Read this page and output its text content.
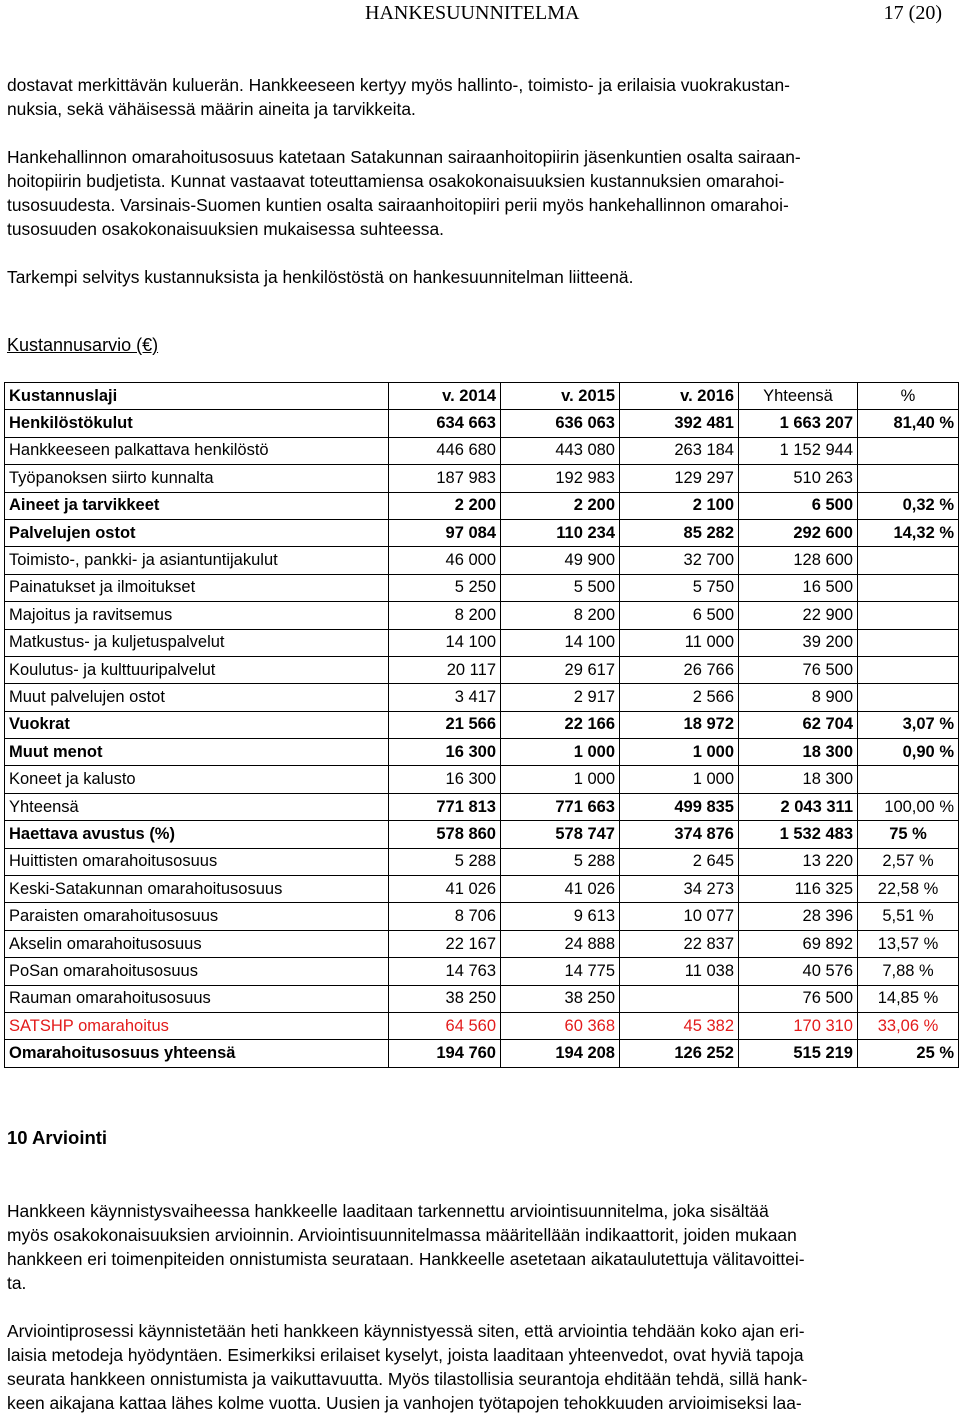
HANKESUUNNITELMA	17 (20)

dostavat merkittävän kuluerän. Hankkeeseen kertyy myös hallinto-, toimisto- ja erilaisia vuokrakustan-
nuksia, sekä vähäisessä määrin aineita ja tarvikkeita.

Hankehallinnon omarahoitusosuus katetaan Satakunnan sairaanhoitopiirin jäsenkuntien osalta sairaan-
hoitopiirin budjetista. Kunnat vastaavat toteuttamiensa osakokonaisuuksien kustannuksien omarahoi-
tusosuudesta. Varsinais-Suomen kuntien osalta sairaanhoitopiiri perii myös hankehallinnon omarahoi-
tusosuuden osakokonaisuuksien mukaisessa suhteessa.

Tarkempi selvitys kustannuksista ja henkilöstöstä on hankesuunnitelman liitteenä.

Kustannusarvio (€)
Kustannuslaji	v. 2014	v. 2015	v. 2016	Yhteensä	%
Henkilöstökulut	634 663	636 063	392 481	1 663 207	81,40 %
Hankkeeseen palkattava henkilöstö	446 680	443 080	263 184	1 152 944	
Työpanoksen siirto kunnalta	187 983	192 983	129 297	510 263	
Aineet ja tarvikkeet	2 200	2 200	2 100	6 500	0,32 %
Palvelujen ostot	97 084	110 234	85 282	292 600	14,32 %
Toimisto-, pankki- ja asiantuntijakulut	46 000	49 900	32 700	128 600	
Painatukset ja ilmoitukset	5 250	5 500	5 750	16 500	
Majoitus ja ravitsemus	8 200	8 200	6 500	22 900	
Matkustus- ja kuljetuspalvelut	14 100	14 100	11 000	39 200	
Koulutus- ja kulttuuripalvelut	20 117	29 617	26 766	76 500	
Muut palvelujen ostot	3 417	2 917	2 566	8 900	
Vuokrat	21 566	22 166	18 972	62 704	3,07 %
Muut menot	16 300	1 000	1 000	18 300	0,90 %
Koneet ja kalusto	16 300	1 000	1 000	18 300	
Yhteensä	771 813	771 663	499 835	2 043 311	100,00 %
Haettava avustus (%)	578 860	578 747	374 876	1 532 483	75 %
Huittisten omarahoitusosuus	5 288	5 288	2 645	13 220	2,57 %
Keski-Satakunnan omarahoitusosuus	41 026	41 026	34 273	116 325	22,58 %
Paraisten omarahoitusosuus	8 706	9 613	10 077	28 396	5,51 %
Akselin omarahoitusosuus	22 167	24 888	22 837	69 892	13,57 %
PoSan omarahoitusosuus	14 763	14 775	11 038	40 576	7,88 %
Rauman omarahoitusosuus	38 250	38 250		76 500	14,85 %
SATSHP omarahoitus	64 560	60 368	45 382	170 310	33,06 %
Omarahoitusosuus yhteensä	194 760	194 208	126 252	515 219	25 %
10 Arviointi

Hankkeen käynnistysvaiheessa hankkeelle laaditaan tarkennettu arviointisuunnitelma, joka sisältää
myös osakokonaisuuksien arvioinnin. Arviointisuunnitelmassa määritellään indikaattorit, joiden mukaan
hankkeen eri toimenpiteiden onnistumista seurataan. Hankkeelle asetetaan aikataulutettuja välitavoittei-
ta.

Arviointiprosessi käynnistetään heti hankkeen käynnistyessä siten, että arviointia tehdään koko ajan eri-
laisia metodeja hyödyntäen. Esimerkiksi erilaiset kyselyt, joista laaditaan yhteenvedot, ovat hyviä tapoja
seurata hankkeen onnistumista ja vaikuttavuutta. Myös tilastollisia seurantoja ehditään tehdä, sillä hank-
keen aikajana kattaa lähes kolme vuotta. Uusien ja vanhojen työtapojen tehokkuuden arvioimiseksi laa-
